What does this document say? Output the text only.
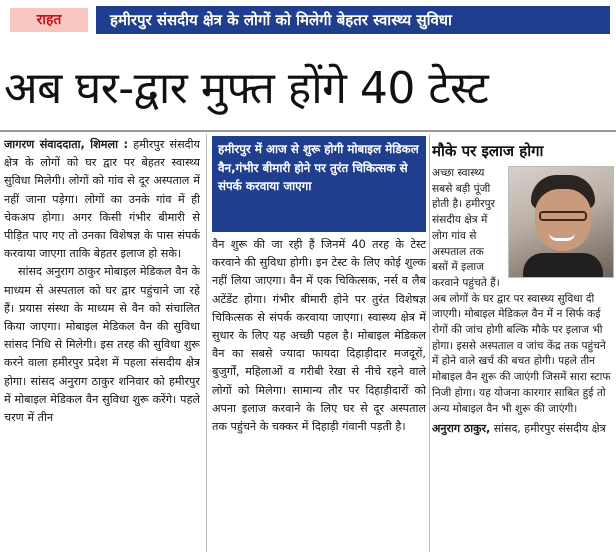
राहत	हमीरपुर संसदीय क्षेत्र के लोगों को मिलेगी बेहतर स्वास्थ्य सुविधा
अब घर-द्वार मुफ्त होंगे 40 टेस्ट

जागरण संवाददाता, शिमला : हमीरपुर संसदीय क्षेत्र के लोगों को घर द्वार पर बेहतर स्वास्थ्य सुविधा मिलेगी। लोगों को गांव से दूर अस्पताल में नहीं जाना पड़ेगा। लोगों का उनके गांव में ही चेकअप होगा। अगर किसी गंभीर बीमारी से पीड़ित पाए गए तो उनका विशेषज्ञ के पास संपर्क करवाया जाएगा ताकि बेहतर इलाज हो सके।

सांसद अनुराग ठाकुर मोबाइल मेडिकल वैन के माध्यम से अस्पताल को घर द्वार पहुंचाने जा रहे हैं। प्रयास संस्था के माध्यम से वैन को संचालित किया जाएगा। मोबाइल मेडिकल वैन की सुविधा सांसद निधि से मिलेगी। इस तरह की सुविधा शुरू करने वाला हमीरपुर प्रदेश में पहला संसदीय क्षेत्र होगा। सांसद अनुराग ठाकुर शनिवार को हमीरपुर में मोबाइल मेडिकल वैन सुविधा शुरू करेंगे। पहले चरण में तीन

हमीरपुर में आज से शुरू होगी मोबाइल मेडिकल वैन,गंभीर बीमारी होने पर तुरंत चिकित्सक से संपर्क करवाया जाएगा

वैन शुरू की जा रही हैं जिनमें 40 तरह के टेस्ट करवाने की सुविधा होगी। इन टेस्ट के लिए कोई शुल्क नहीं लिया जाएगा। वैन में एक चिकित्सक, नर्स व लैब अटेंडेंट होगा। गंभीर बीमारी होने पर तुरंत विशेषज्ञ चिकित्सक से संपर्क करवाया जाएगा। स्वास्थ्य क्षेत्र में सुधार के लिए यह अच्छी पहल है। मोबाइल मेडिकल वैन का सबसे ज्यादा फायदा दिहाड़ीदार मजदूरों, बुजुर्गों, महिलाओं व गरीबी रेखा से नीचे रहने वाले लोगों को मिलेगा। सामान्य तौर पर दिहाड़ीदारों को अपना इलाज करवाने के लिए घर से दूर अस्पताल तक पहुंचने के चक्कर में दिहाड़ी गंवानी पड़ती है।

मौके पर इलाज होगा
अच्छा स्वास्थ्य सबसे बड़ी पूंजी होती है। हमीरपुर संसदीय क्षेत्र में लोग गांव से अस्पताल तक बसों में इलाज करवाने पहुंचते हैं। अब लोगों के घर द्वार पर स्वास्थ्य सुविधा दी जाएगी। मोबाइल मेडिकल वैन में न सिर्फ कई रोगों की जांच होगी बल्कि मौके पर इलाज भी होगा। इससे अस्पताल व जांच केंद्र तक पहुंचने में होने वाले खर्च की बचत होगी। पहले तीन मोबाइल वैन शुरू की जाएंगी जिसमें सारा स्टाफ निजी होगा। यह योजना कारगार साबित हुई तो अन्य मोबाइल वैन भी शुरू की जाएंगी।
अनुराग ठाकुर, सांसद, हमीरपुर संसदीय क्षेत्र
